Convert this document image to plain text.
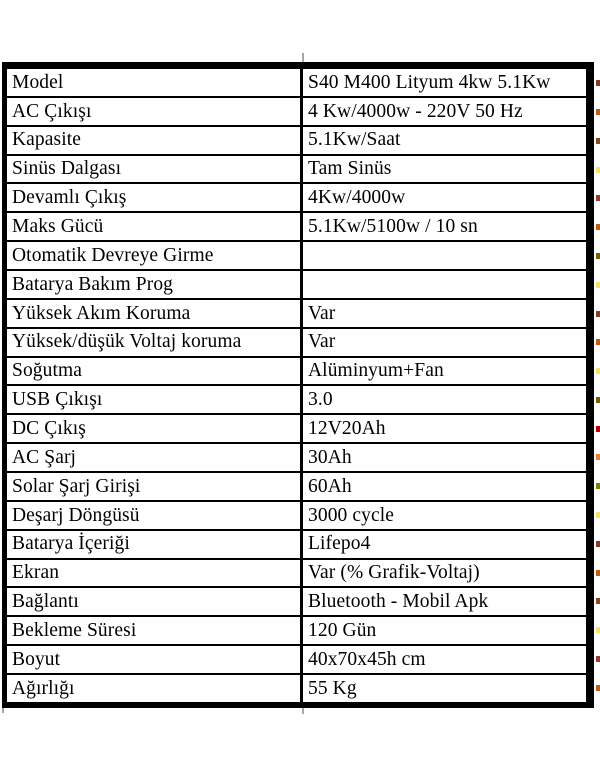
Model	S40 M400 Lityum 4kw 5.1Kw
AC Çıkışı	4 Kw/4000w - 220V 50 Hz
Kapasite	5.1Kw/Saat
Sinüs Dalgası	Tam Sinüs
Devamlı Çıkış	4Kw/4000w
Maks Gücü	5.1Kw/5100w / 10 sn
Otomatik Devreye Girme
Batarya Bakım Prog
Yüksek Akım Koruma	Var
Yüksek/düşük Voltaj koruma	Var
Soğutma	Alüminyum+Fan
USB Çıkışı	3.0
DC Çıkış	12V20Ah
AC Şarj	30Ah
Solar Şarj Girişi	60Ah
Deşarj Döngüsü	3000 cycle
Batarya İçeriği	Lifepo4
Ekran	Var (% Grafik-Voltaj)
Bağlantı	Bluetooth - Mobil Apk
Bekleme Süresi	120 Gün
Boyut	40x70x45h cm
Ağırlığı	55 Kg
